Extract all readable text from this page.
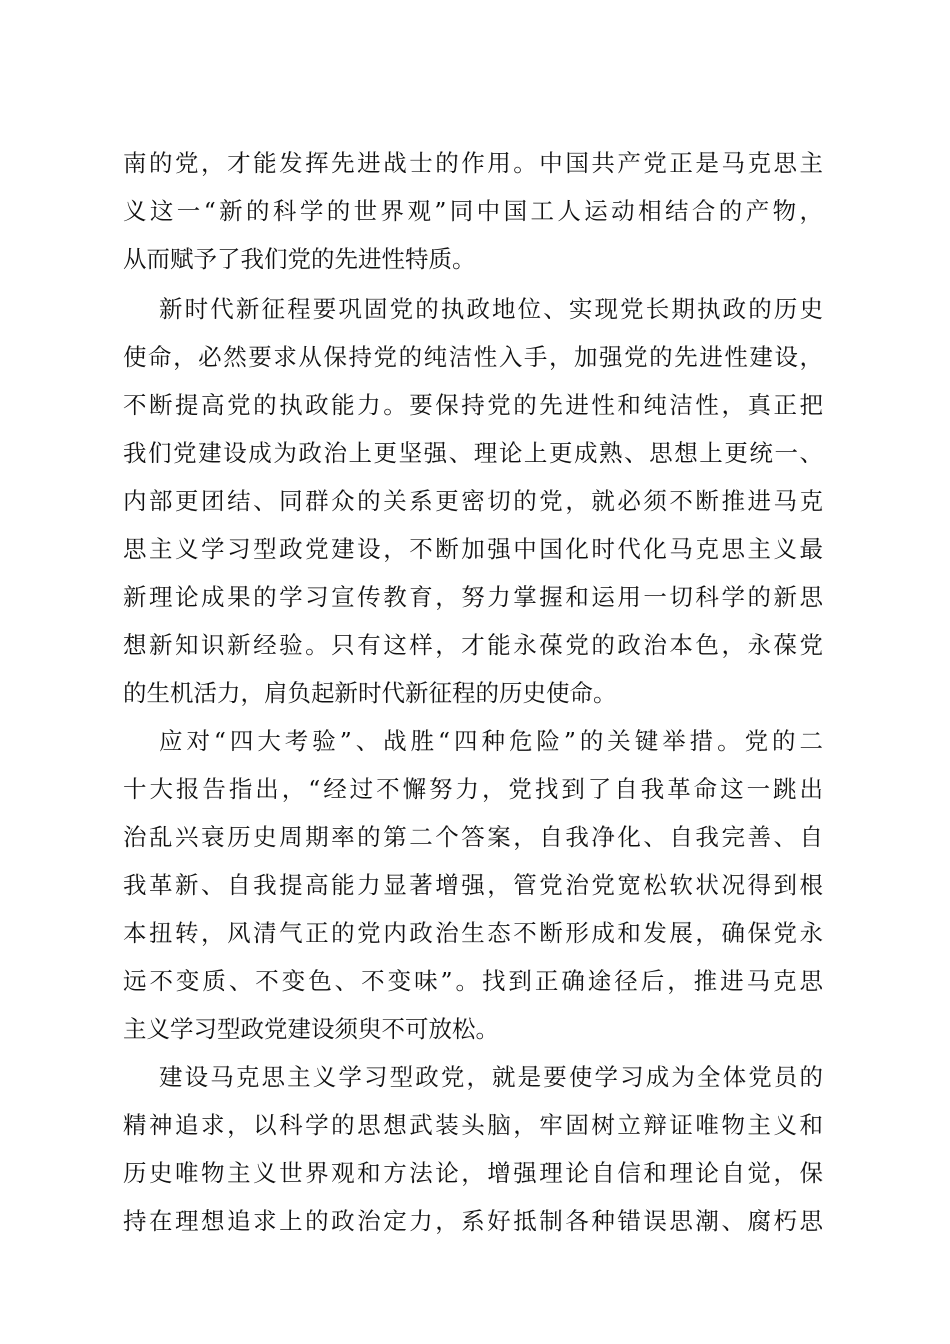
南的党，才能发挥先进战士的作用。中国共产党正是马克思主

义这一“新的科学的世界观”同中国工人运动相结合的产物，

从而赋予了我们党的先进性特质。

新时代新征程要巩固党的执政地位、实现党长期执政的历史

使命，必然要求从保持党的纯洁性入手，加强党的先进性建设，

不断提高党的执政能力。要保持党的先进性和纯洁性，真正把

我们党建设成为政治上更坚强、理论上更成熟、思想上更统一、

内部更团结、同群众的关系更密切的党，就必须不断推进马克

思主义学习型政党建设，不断加强中国化时代化马克思主义最

新理论成果的学习宣传教育，努力掌握和运用一切科学的新思

想新知识新经验。只有这样，才能永葆党的政治本色，永葆党

的生机活力，肩负起新时代新征程的历史使命。

应对“四大考验”、战胜“四种危险”的关键举措。党的二

十大报告指出，“经过不懈努力，党找到了自我革命这一跳出

治乱兴衰历史周期率的第二个答案，自我净化、自我完善、自

我革新、自我提高能力显著增强，管党治党宽松软状况得到根

本扭转，风清气正的党内政治生态不断形成和发展，确保党永

远不变质、不变色、不变味”。找到正确途径后，推进马克思

主义学习型政党建设须臾不可放松。

建设马克思主义学习型政党，就是要使学习成为全体党员的

精神追求，以科学的思想武装头脑，牢固树立辩证唯物主义和

历史唯物主义世界观和方法论，增强理论自信和理论自觉，保

持在理想追求上的政治定力，系好抵制各种错误思潮、腐朽思
